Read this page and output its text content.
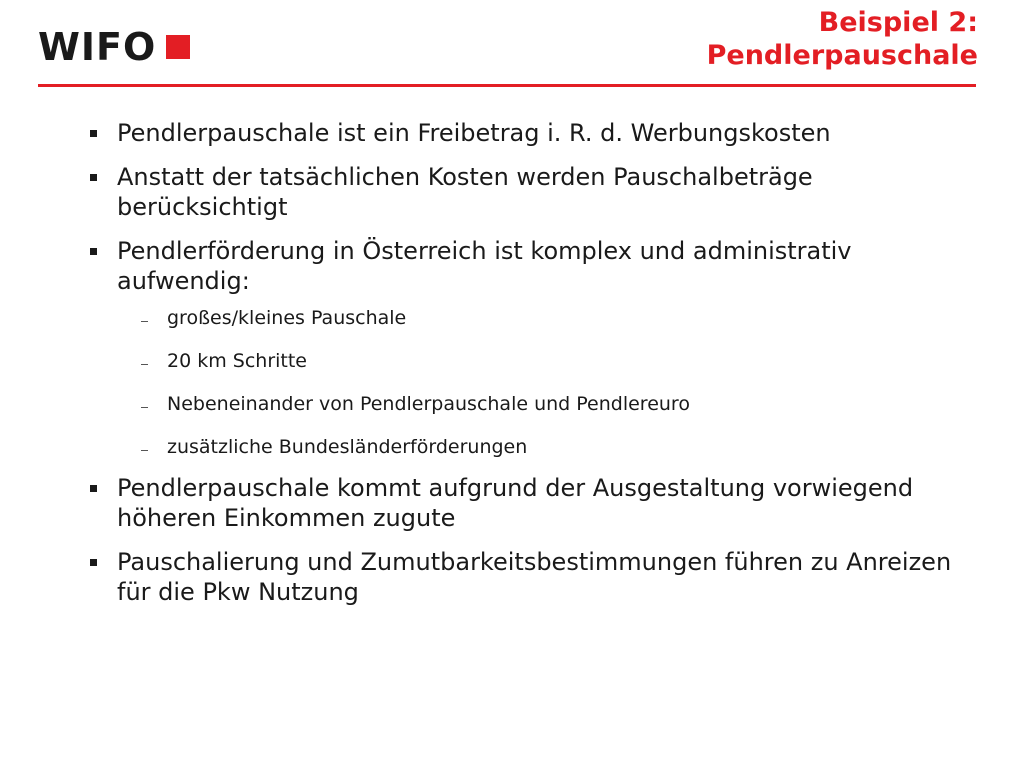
WIFO
Beispiel 2:
Pendlerpauschale
Pendlerpauschale ist ein Freibetrag i. R. d. Werbungskosten
Anstatt der tatsächlichen Kosten werden Pauschalbeträge berücksichtigt
Pendlerförderung in Österreich ist komplex und administrativ aufwendig:
großes/kleines Pauschale
20 km Schritte
Nebeneinander von Pendlerpauschale und Pendlereuro
zusätzliche Bundesländerförderungen
Pendlerpauschale kommt aufgrund der Ausgestaltung vorwiegend höheren Einkommen zugute
Pauschalierung und Zumutbarkeitsbestimmungen führen zu Anreizen für die Pkw Nutzung
